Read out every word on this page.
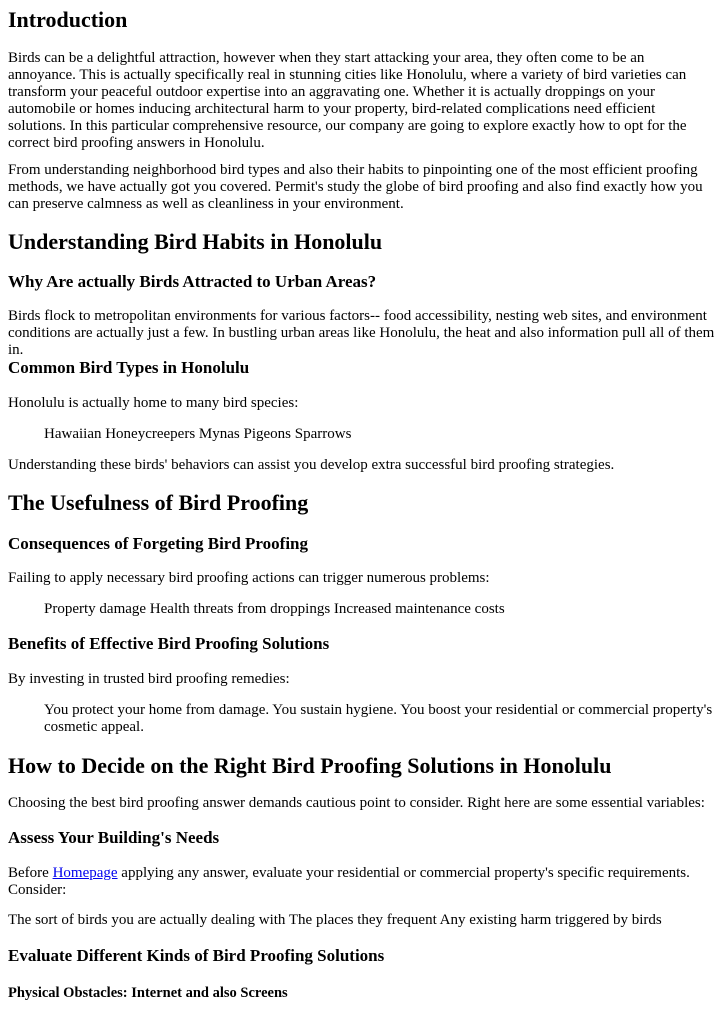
Introduction

Birds can be a delightful attraction, however when they start attacking your area, they often come to be an annoyance. This is actually specifically real in stunning cities like Honolulu, where a variety of bird varieties can transform your peaceful outdoor expertise into an aggravating one. Whether it is actually droppings on your automobile or homes inducing architectural harm to your property, bird-related complications need efficient solutions. In this particular comprehensive resource, our company are going to explore exactly how to opt for the correct bird proofing answers in Honolulu.

From understanding neighborhood bird types and also their habits to pinpointing one of the most efficient proofing methods, we have actually got you covered. Permit's study the globe of bird proofing and also find exactly how you can preserve calmness as well as cleanliness in your environment.

Understanding Bird Habits in Honolulu
Why Are actually Birds Attracted to Urban Areas?

Birds flock to metropolitan environments for various factors-- food accessibility, nesting web sites, and environment conditions are actually just a few. In bustling urban areas like Honolulu, the heat and also information pull all of them in.

Common Bird Types in Honolulu

Honolulu is actually home to many bird species:

Hawaiian Honeycreepers Mynas Pigeons Sparrows

Understanding these birds' behaviors can assist you develop extra successful bird proofing strategies.

The Usefulness of Bird Proofing
Consequences of Forgeting Bird Proofing

Failing to apply necessary bird proofing actions can trigger numerous problems:

Property damage Health threats from droppings Increased maintenance costs

Benefits of Effective Bird Proofing Solutions

By investing in trusted bird proofing remedies:

You protect your home from damage. You sustain hygiene. You boost your residential or commercial property's cosmetic appeal.

How to Decide on the Right Bird Proofing Solutions in Honolulu

Choosing the best bird proofing answer demands cautious point to consider. Right here are some essential variables:

Assess Your Building's Needs

Before Homepage applying any answer, evaluate your residential or commercial property's specific requirements. Consider:

The sort of birds you are actually dealing with The places they frequent Any existing harm triggered by birds

Evaluate Different Kinds of Bird Proofing Solutions
Physical Obstacles: Internet and also Screens
